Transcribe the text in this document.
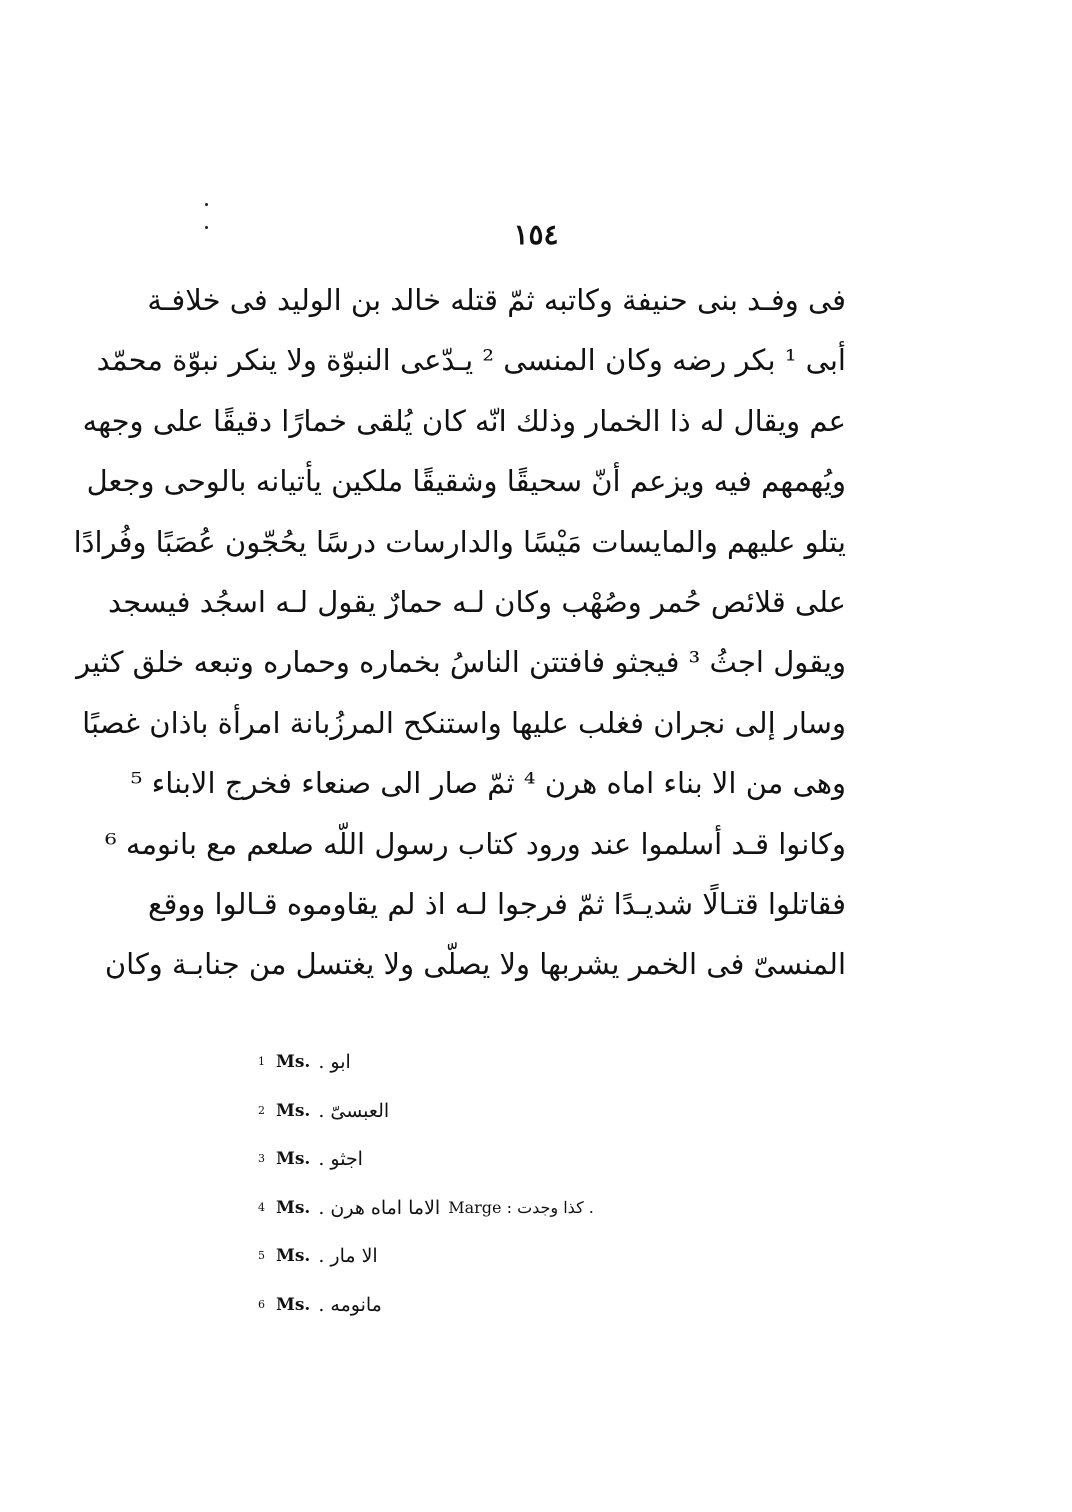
١٥٤
فى وفـد بنى حنيفة وكاتبه ثمّ قتله خالد بن الوليد فى خلافـة
أبى ¹ بكر رضه وكان المنسى ² يـدّعى النبوّة ولا ينكر نبوّة محمّد
عم ويقال له ذا الخمار وذلك انّه كان يُلقى خمارًا دقيقًا على وجهه
ويُهمهم فيه ويزعم أنّ سحيقًا وشقيقًا ملكين يأتيانه بالوحى وجعل
يتلو عليهم والمايسات مَيْسًا والدارسات درسًا يحُجّون عُصَبًا وفُرادًا
على قلائص حُمر وصُهْب وكان لـه حمارٌ يقول لـه اسجُد فيسجد
ويقول اجثُ ³ فيجثو فافتتن الناسُ بخماره وحماره وتبعه خلق كثير
وسار إلى نجران فغلب عليها واستنكح المرزُبانة امرأة باذان غصبًا
وهى من الا بناء اماه هرن ⁴ ثمّ صار الى صنعاء فخرج الابناء ⁵
وكانوا قـد أسلموا عند ورود كتاب رسول اللّه صلعم مع بانومه ⁶
فقاتلوا قتـالًا شديـدًا ثمّ فرجوا لـه اذ لم يقاوموه قـالوا ووقع
المنسىّ فى الخمر يشربها ولا يصلّى ولا يغتسل من جنابـة وكان
1 Ms. ابو .
2 Ms. العبسىّ .
3 Ms. اجثو .
4 Ms. الاما اماه هرن . Marge : كذا وجدت .
5 Ms. الا مار .
6 Ms. مانومه .
